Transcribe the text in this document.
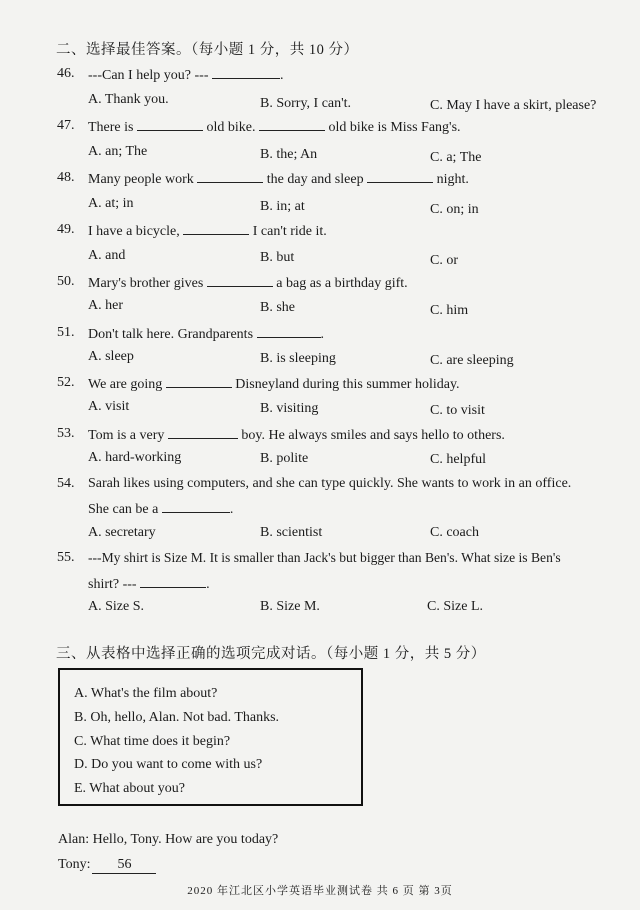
二、选择最佳答案。（每小题 1 分，共 10 分）
46. ---Can I help you? ---	.
A. Thank you.	B. Sorry, I can't.	C. May I have a skirt, please?
47. There is	old bike.	old bike is Miss Fang's.
A. an; The	B. the; An	C. a; The
48. Many people work	the day and sleep	night.
A. at; in	B. in; at	C. on; in
49. I have a bicycle,	I can't ride it.
A. and	B. but	C. or
50. Mary's brother gives	a bag as a birthday gift.
A. her	B. she	C. him
51. Don't talk here. Grandparents	.
A. sleep	B. is sleeping	C. are sleeping
52. We are going	Disneyland during this summer holiday.
A. visit	B. visiting	C. to visit
53. Tom is a very	boy. He always smiles and says hello to others.
A. hard-working	B. polite	C. helpful
54. Sarah likes using computers, and she can type quickly. She wants to work in an office.
She can be a	.
A. secretary	B. scientist	C. coach
55. ---My shirt is Size M. It is smaller than Jack's but bigger than Ben's. What size is Ben's
shirt? ---	.
A. Size S.	B. Size M.	C. Size L.
三、从表格中选择正确的选项完成对话。（每小题 1 分，共 5 分）
A. What's the film about?
B. Oh, hello, Alan. Not bad. Thanks.
C. What time does it begin?
D. Do you want to come with us?
E. What about you?
Alan: Hello, Tony. How are you today?
Tony: 56
2020 年江北区小学英语毕业测试卷 共 6 页 第 3页
